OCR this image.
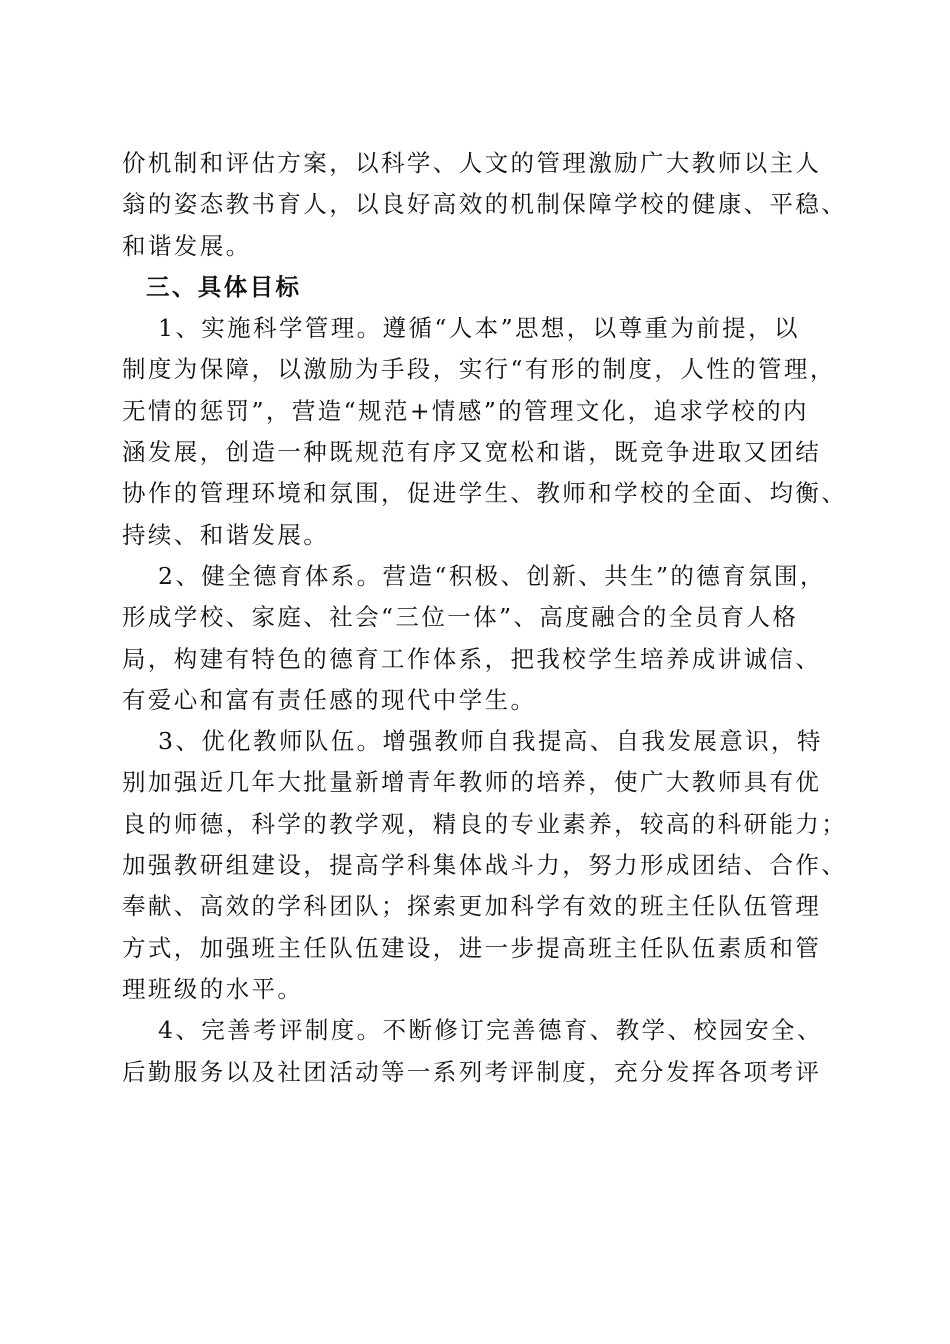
价机制和评估方案，以科学、人文的管理激励广大教师以主人
翁的姿态教书育人，以良好高效的机制保障学校的健康、平稳、
和谐发展。
三、具体目标
1、实施科学管理。遵循“人本”思想，以尊重为前提，以
制度为保障，以激励为手段，实行“有形的制度，人性的管理，
无情的惩罚”，营造“规范+情感”的管理文化，追求学校的内
涵发展，创造一种既规范有序又宽松和谐，既竞争进取又团结
协作的管理环境和氛围，促进学生、教师和学校的全面、均衡、
持续、和谐发展。
2、健全德育体系。营造“积极、创新、共生”的德育氛围，
形成学校、家庭、社会“三位一体”、高度融合的全员育人格
局，构建有特色的德育工作体系，把我校学生培养成讲诚信、
有爱心和富有责任感的现代中学生。
3、优化教师队伍。增强教师自我提高、自我发展意识，特
别加强近几年大批量新增青年教师的培养，使广大教师具有优
良的师德，科学的教学观，精良的专业素养，较高的科研能力；
加强教研组建设，提高学科集体战斗力，努力形成团结、合作、
奉献、高效的学科团队；探索更加科学有效的班主任队伍管理
方式，加强班主任队伍建设，进一步提高班主任队伍素质和管
理班级的水平。
4、完善考评制度。不断修订完善德育、教学、校园安全、
后勤服务以及社团活动等一系列考评制度，充分发挥各项考评
